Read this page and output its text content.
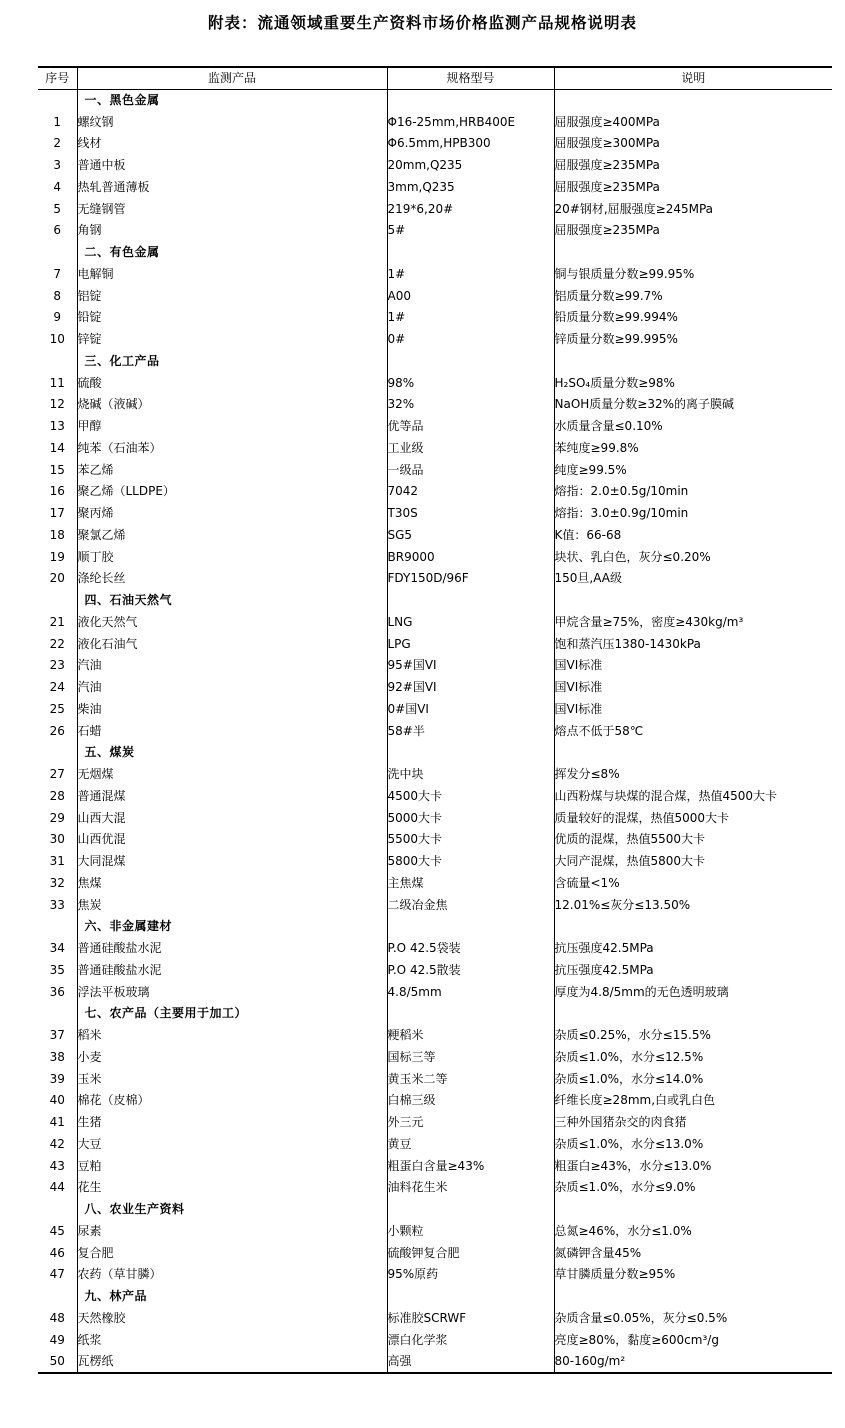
附表：流通领域重要生产资料市场价格监测产品规格说明表
序号	监测产品	规格型号	说明
	一、黑色金属		
1	螺纹钢	Φ16-25mm,HRB400E	屈服强度≥400MPa
2	线材	Φ6.5mm,HPB300	屈服强度≥300MPa
3	普通中板	20mm,Q235	屈服强度≥235MPa
4	热轧普通薄板	3mm,Q235	屈服强度≥235MPa
5	无缝钢管	219*6,20#	20#钢材,屈服强度≥245MPa
6	角钢	5#	屈服强度≥235MPa
	二、有色金属		
7	电解铜	1#	铜与银质量分数≥99.95%
8	铝锭	A00	铝质量分数≥99.7%
9	铅锭	1#	铅质量分数≥99.994%
10	锌锭	0#	锌质量分数≥99.995%
	三、化工产品		
11	硫酸	98%	H₂SO₄质量分数≥98%
12	烧碱（液碱）	32%	NaOH质量分数≥32%的离子膜碱
13	甲醇	优等品	水质量含量≤0.10%
14	纯苯（石油苯）	工业级	苯纯度≥99.8%
15	苯乙烯	一级品	纯度≥99.5%
16	聚乙烯（LLDPE）	7042	熔指：2.0±0.5g/10min
17	聚丙烯	T30S	熔指：3.0±0.9g/10min
18	聚氯乙烯	SG5	K值：66-68
19	顺丁胶	BR9000	块状、乳白色，灰分≤0.20%
20	涤纶长丝	FDY150D/96F	150旦,AA级
	四、石油天然气		
21	液化天然气	LNG	甲烷含量≥75%，密度≥430kg/m³
22	液化石油气	LPG	饱和蒸汽压1380-1430kPa
23	汽油	95#国VI	国VI标准
24	汽油	92#国VI	国VI标准
25	柴油	0#国VI	国VI标准
26	石蜡	58#半	熔点不低于58℃
	五、煤炭		
27	无烟煤	洗中块	挥发分≤8%
28	普通混煤	4500大卡	山西粉煤与块煤的混合煤，热值4500大卡
29	山西大混	5000大卡	质量较好的混煤，热值5000大卡
30	山西优混	5500大卡	优质的混煤，热值5500大卡
31	大同混煤	5800大卡	大同产混煤，热值5800大卡
32	焦煤	主焦煤	含硫量<1%
33	焦炭	二级冶金焦	12.01%≤灰分≤13.50%
	六、非金属建材		
34	普通硅酸盐水泥	P.O 42.5袋装	抗压强度42.5MPa
35	普通硅酸盐水泥	P.O 42.5散装	抗压强度42.5MPa
36	浮法平板玻璃	4.8/5mm	厚度为4.8/5mm的无色透明玻璃
	七、农产品（主要用于加工）		
37	稻米	粳稻米	杂质≤0.25%，水分≤15.5%
38	小麦	国标三等	杂质≤1.0%，水分≤12.5%
39	玉米	黄玉米二等	杂质≤1.0%，水分≤14.0%
40	棉花（皮棉）	白棉三级	纤维长度≥28mm,白或乳白色
41	生猪	外三元	三种外国猪杂交的肉食猪
42	大豆	黄豆	杂质≤1.0%，水分≤13.0%
43	豆粕	粗蛋白含量≥43%	粗蛋白≥43%，水分≤13.0%
44	花生	油料花生米	杂质≤1.0%，水分≤9.0%
	八、农业生产资料		
45	尿素	小颗粒	总氮≥46%，水分≤1.0%
46	复合肥	硫酸钾复合肥	氮磷钾含量45%
47	农药（草甘膦）	95%原药	草甘膦质量分数≥95%
	九、林产品		
48	天然橡胶	标准胶SCRWF	杂质含量≤0.05%，灰分≤0.5%
49	纸浆	漂白化学浆	亮度≥80%，黏度≥600cm³/g
50	瓦楞纸	高强	80-160g/m²
